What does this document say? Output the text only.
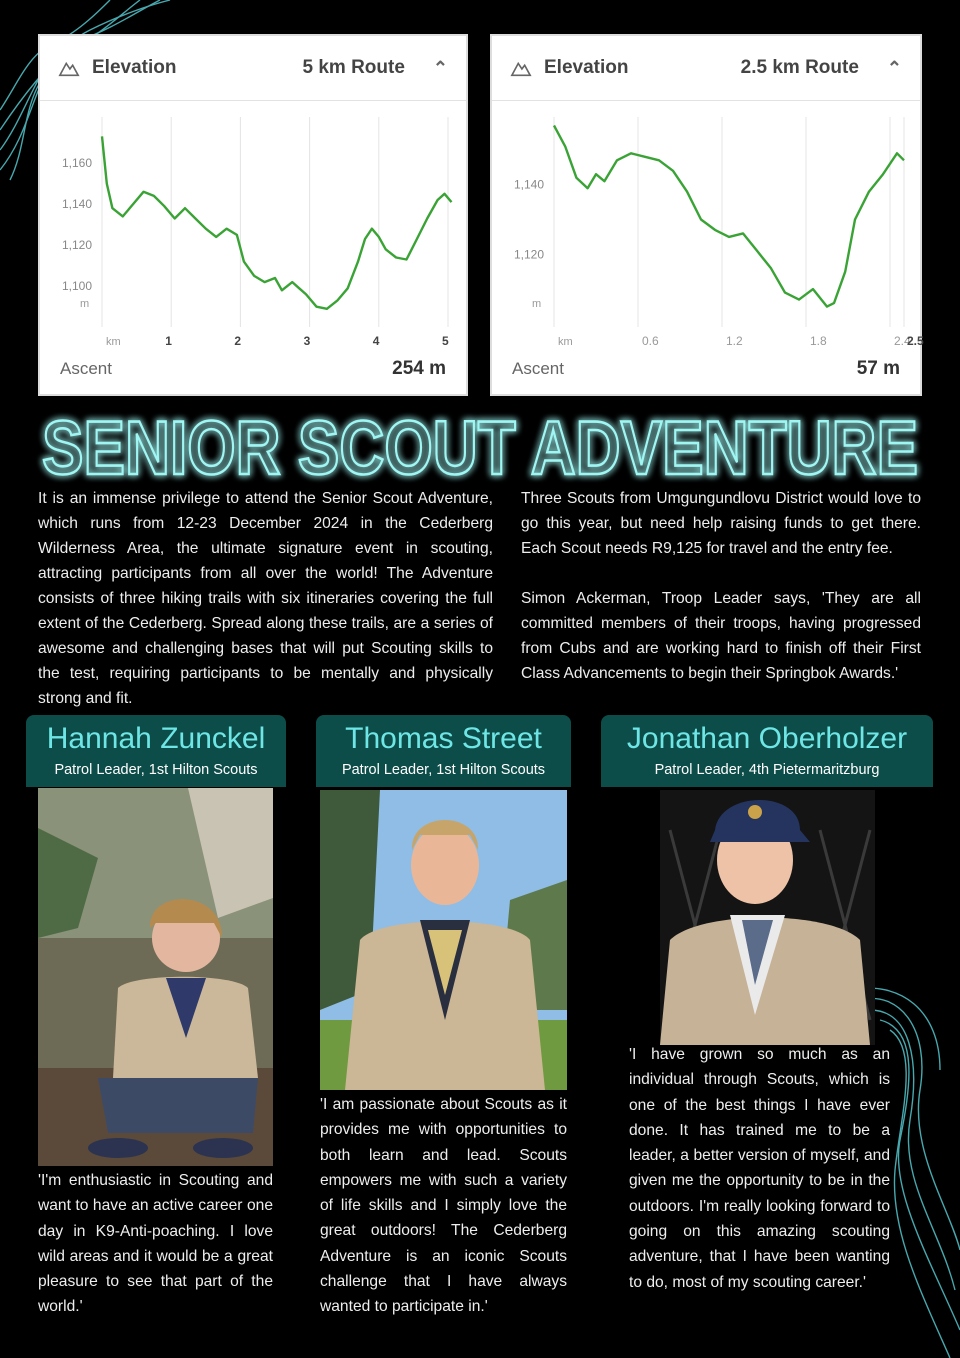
Elevation	5 km Route ⌃
1,160
1,140
1,120
1,100
m
km	1	2	3	4	5
Ascent	254 m
Elevation	2.5 km Route ⌃
1,140
1,120
m
km	0.6	1.2	1.8	2.4
2.5
Ascent	57 m
SENIOR SCOUT ADVENTURE

It is an immense privilege to attend the Senior Scout Adventure, which runs from 12-23 December 2024 in the Cederberg Wilderness Area, the ultimate signature event in scouting, attracting participants from all over the world! The Adventure consists of three hiking trails with six itineraries covering the full extent of the Cederberg. Spread along these trails, are a series of awesome and challenging bases that will put Scouting skills to the test, requiring participants to be mentally and physically strong and fit.

Three Scouts from Umgungundlovu District would love to go this year, but need help raising funds to get there. Each Scout needs R9,125 for travel and the entry fee.

Simon Ackerman, Troop Leader says, 'They are all committed members of their troops, having progressed from Cubs and are working hard to finish off their First Class Advancements to begin their Springbok Awards.'

Hannah Zunckel
Patrol Leader, 1st Hilton Scouts
'I'm enthusiastic in Scouting and want to have an active career one day in K9-Anti-poaching. I love wild areas and it would be a great pleasure to see that part of the world.'
Thomas Street
Patrol Leader, 1st Hilton Scouts
'I am passionate about Scouts as it provides me with opportunities to both learn and lead. Scouts empowers me with such a variety of life skills and I simply love the great outdoors! The Cederberg Adventure is an iconic Scouts challenge that I have always wanted to participate in.'
Jonathan Oberholzer
Patrol Leader, 4th Pietermaritzburg
'I have grown so much as an individual through Scouts, which is one of the best things I have ever done. It has trained me to be a leader, a better version of myself, and given me the opportunity to be in the outdoors. I'm really looking forward to going on this amazing scouting adventure, that I have been wanting to do, most of my scouting career.'
